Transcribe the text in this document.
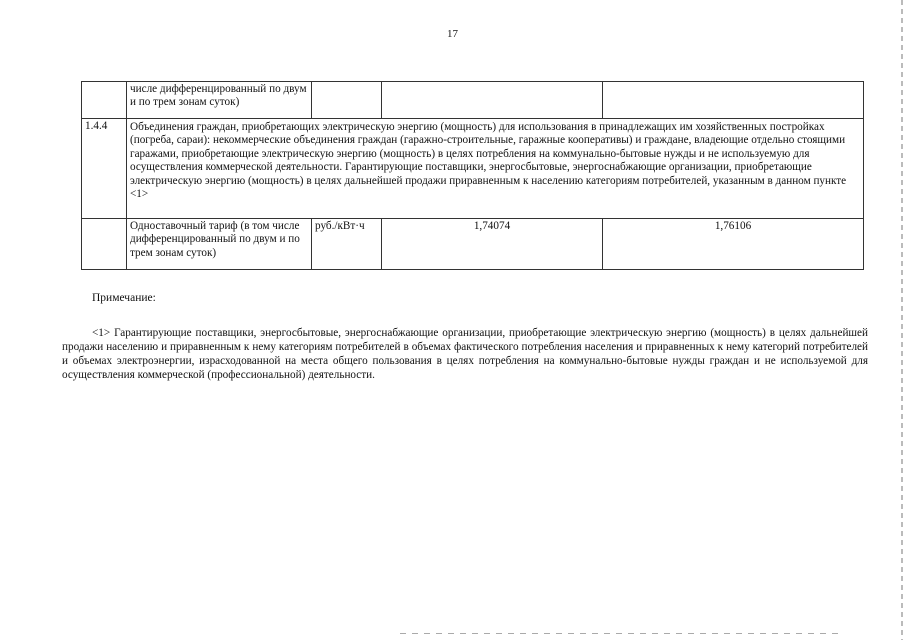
17
	числе дифференцированный по двум и по трем зонам суток)			
1.4.4	Объединения граждан, приобретающих электрическую энергию (мощность) для использования в принадлежащих им хозяйственных постройках (погреба, сараи): некоммерческие объединения граждан (гаражно-строительные, гаражные кооперативы) и граждане, владеющие отдельно стоящими гаражами, приобретающие электрическую энергию (мощность) в целях потребления на коммунально-бытовые нужды и не используемую для осуществления коммерческой деятельности. Гарантирующие поставщики, энергосбытовые, энергоснабжающие организации, приобретающие электрическую энергию (мощность) в целях дальнейшей продажи приравненным к населению категориям потребителей, указанным в данном пункте <1>			
	Одноставочный тариф (в том числе дифференцированный по двум и по трем зонам суток)	руб./кВт·ч	1,74074	1,76106
Примечание:
<1> Гарантирующие поставщики, энергосбытовые, энергоснабжающие организации, приобретающие электрическую энергию (мощность) в целях дальнейшей продажи населению и приравненным к нему категориям потребителей в объемах фактического потребления населения и приравненных к нему категорий потребителей и объемах электроэнергии, израсходованной на места общего пользования в целях потребления на коммунально-бытовые нужды граждан и не используемой для осуществления коммерческой (профессиональной) деятельности.
